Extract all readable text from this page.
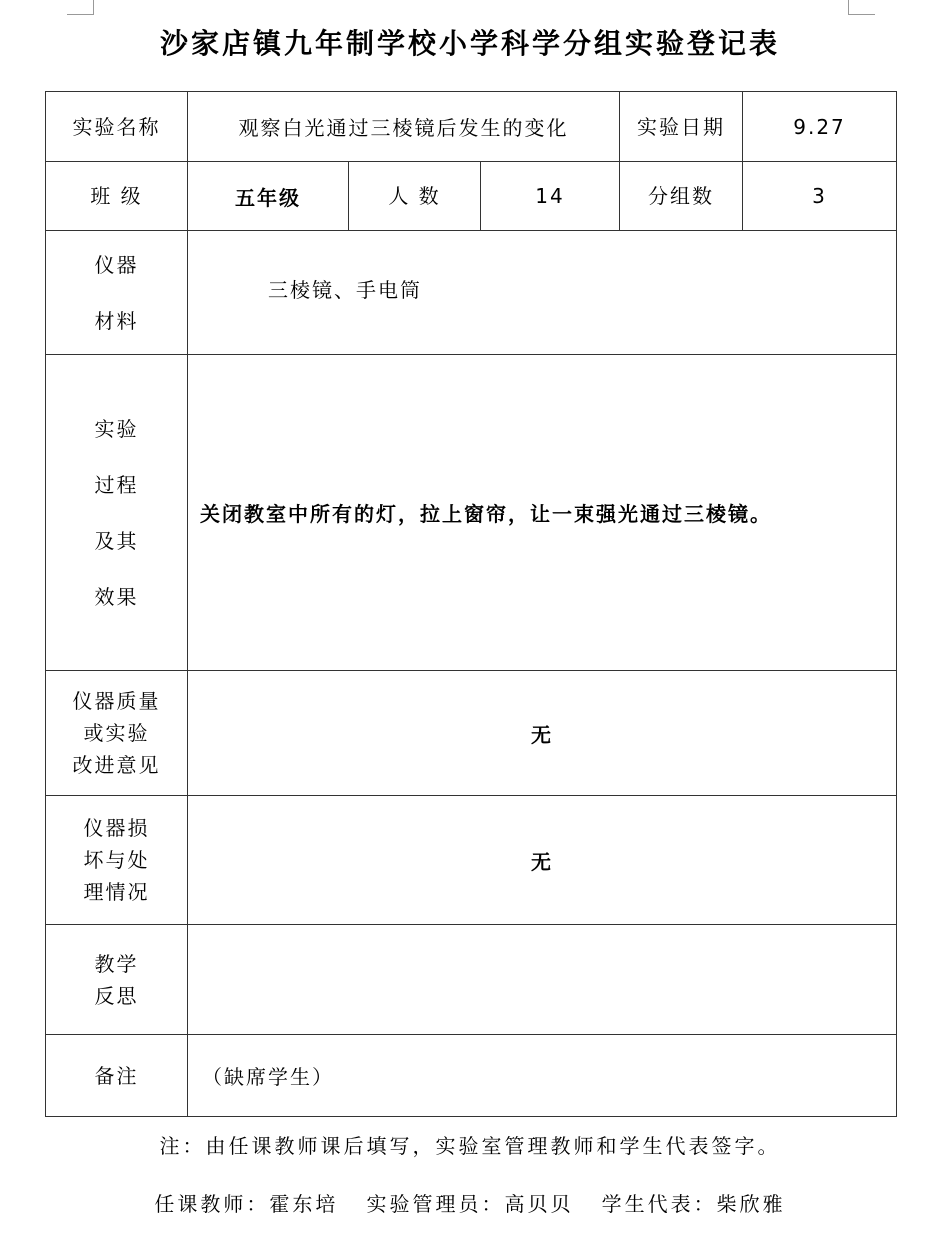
沙家店镇九年制学校小学科学分组实验登记表
实验名称	观察白光通过三棱镜后发生的变化			实验日期	9.27
班 级	五年级	人 数	14	分组数	3

仪器
材料	三棱镜、手电筒				

实验
过程
及其
效果	关闭教室中所有的灯，拉上窗帘，让一束强光通过三棱镜。				

仪器质量
或实验
改进意见	无				

仪器损
坏与处
理情况	无				

教学
反思					

备注	（缺席学生）				
注：由任课教师课后填写，实验室管理教师和学生代表签字。
任课教师：霍东培 实验管理员：高贝贝 学生代表：柴欣雅
